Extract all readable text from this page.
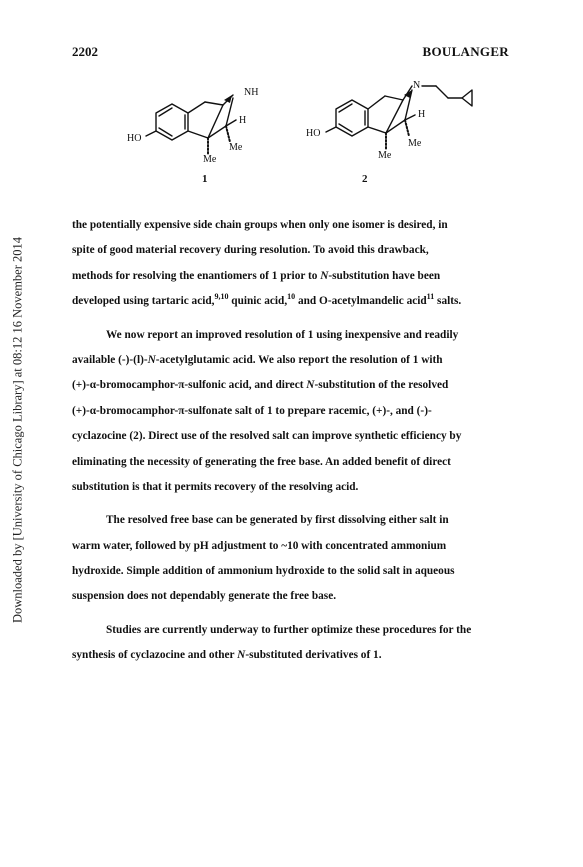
2202	BOULANGER
Downloaded by [University of Chicago Library] at 08:12 16 November 2014
NH
H
HO
Me
Me
1
N
H
HO
Me
Me
2
the potentially expensive side chain groups when only one isomer is desired, in
spite of good material recovery during resolution. To avoid this drawback,
methods for resolving the enantiomers of 1 prior to N-substitution have been
developed using tartaric acid,$^{9,10}$ quinic acid,$^{10}$ and O-acetylmandelic acid$^{11}$ salts.
We now report an improved resolution of 1 using inexpensive and readily
available (-)-(l)-N-acetylglutamic acid. We also report the resolution of 1 with
(+)-α-bromocamphor-π-sulfonic acid, and direct N-substitution of the resolved
(+)-α-bromocamphor-π-sulfonate salt of 1 to prepare racemic, (+)-, and (-)-
cyclazocine (2). Direct use of the resolved salt can improve synthetic efficiency by
eliminating the necessity of generating the free base. An added benefit of direct
substitution is that it permits recovery of the resolving acid.
The resolved free base can be generated by first dissolving either salt in
warm water, followed by pH adjustment to ~10 with concentrated ammonium
hydroxide. Simple addition of ammonium hydroxide to the solid salt in aqueous
suspension does not dependably generate the free base.
Studies are currently underway to further optimize these procedures for the
synthesis of cyclazocine and other N-substituted derivatives of 1.
